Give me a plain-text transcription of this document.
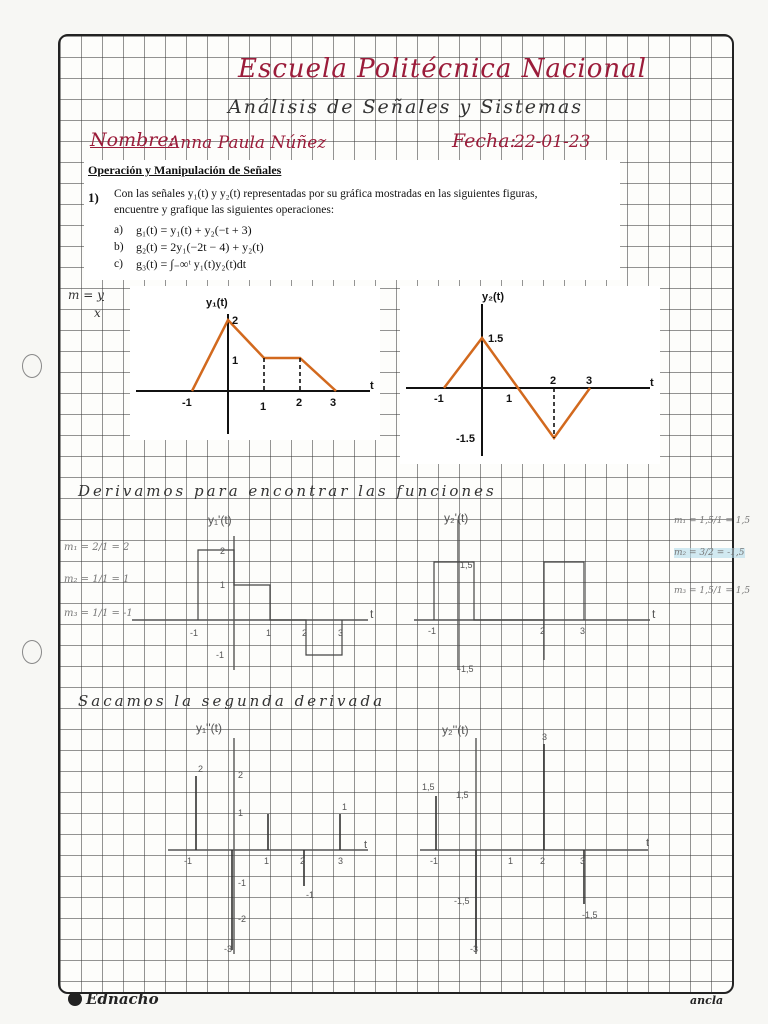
Escuela Politécnica Nacional
Análisis de Señales y Sistemas
Nombre:
Anna Paula Núñez	Fecha:
22-01-23
Operación y Manipulación de Señales
1) Con las señales y₁(t) y y₂(t) representadas por su gráfica mostradas en las siguientes figuras,
encuentre y grafique las siguientes operaciones:
a) g₁(t) = y₁(t) + y₂(−t + 3)
b) g₂(t) = 2y₁(−2t − 4) + y₂(t)
c) g₃(t) = ∫₋∞ᵗ y₁(t)y₂(t)dt
m = y
x
y₁(t)
t
-1	1	2	3
2
1
y₂(t)
t
-1	1
2	3
1.5
-1.5
Derivamos para encontrar las funciones
y₁'(t)
t
-1	1	2	3
2
1
-1
m₁ = 2/1 = 2
m₂ = 1/1 = 1
m₃ = 1/1 = -1
y₂'(t)
t
-1	2	3
1,5
-1,5
m₁ = 1,5/1 = 1,5
m₂ = 3/2 = -1,5
m₃ = 1,5/1 = 1,5
Sacamos la segunda derivada
y₁''(t)
t
-1	1	2	3
2
1
-1
-2
2
-1
1
-3
y₂''(t)
t
-1	1	2	3
1,5
-1,5
1,5
3
-1,5
-3
Ednacho	ancla
